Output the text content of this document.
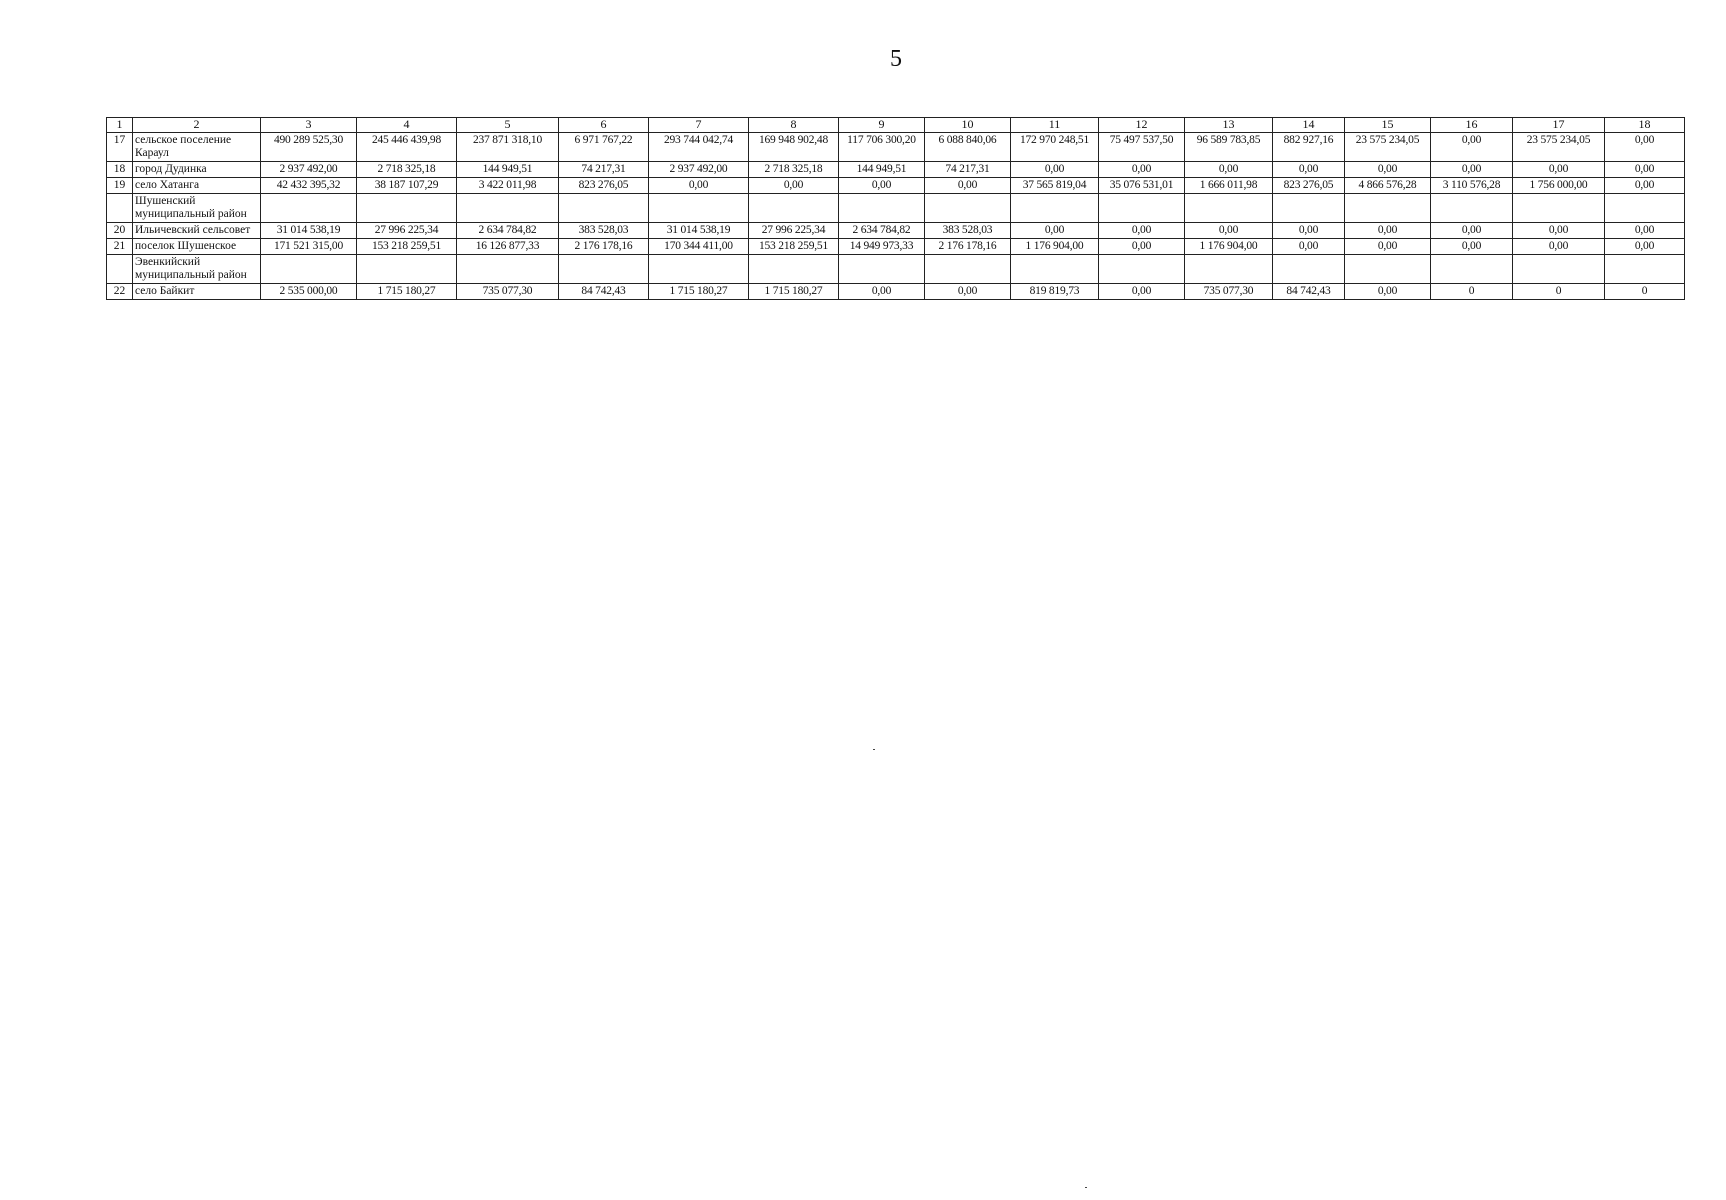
5
1	2	3	4	5	6	7	8	9	10	11	12	13	14	15	16	17	18
17	сельское поселение Караул	490 289 525,30	245 446 439,98	237 871 318,10	6 971 767,22	293 744 042,74	169 948 902,48	117 706 300,20	6 088 840,06	172 970 248,51	75 497 537,50	96 589 783,85	882 927,16	23 575 234,05	0,00	23 575 234,05	0,00
18	город Дудинка	2 937 492,00	2 718 325,18	144 949,51	74 217,31	2 937 492,00	2 718 325,18	144 949,51	74 217,31	0,00	0,00	0,00	0,00	0,00	0,00	0,00	0,00
19	село Хатанга	42 432 395,32	38 187 107,29	3 422 011,98	823 276,05	0,00	0,00	0,00	0,00	37 565 819,04	35 076 531,01	1 666 011,98	823 276,05	4 866 576,28	3 110 576,28	1 756 000,00	0,00
	Шушенский муниципальный район																
20	Ильичевский сельсовет	31 014 538,19	27 996 225,34	2 634 784,82	383 528,03	31 014 538,19	27 996 225,34	2 634 784,82	383 528,03	0,00	0,00	0,00	0,00	0,00	0,00	0,00	0,00
21	поселок Шушенское	171 521 315,00	153 218 259,51	16 126 877,33	2 176 178,16	170 344 411,00	153 218 259,51	14 949 973,33	2 176 178,16	1 176 904,00	0,00	1 176 904,00	0,00	0,00	0,00	0,00	0,00
	Эвенкийский муниципальный район																
22	село Байкит	2 535 000,00	1 715 180,27	735 077,30	84 742,43	1 715 180,27	1 715 180,27	0,00	0,00	819 819,73	0,00	735 077,30	84 742,43	0,00	0	0	0
